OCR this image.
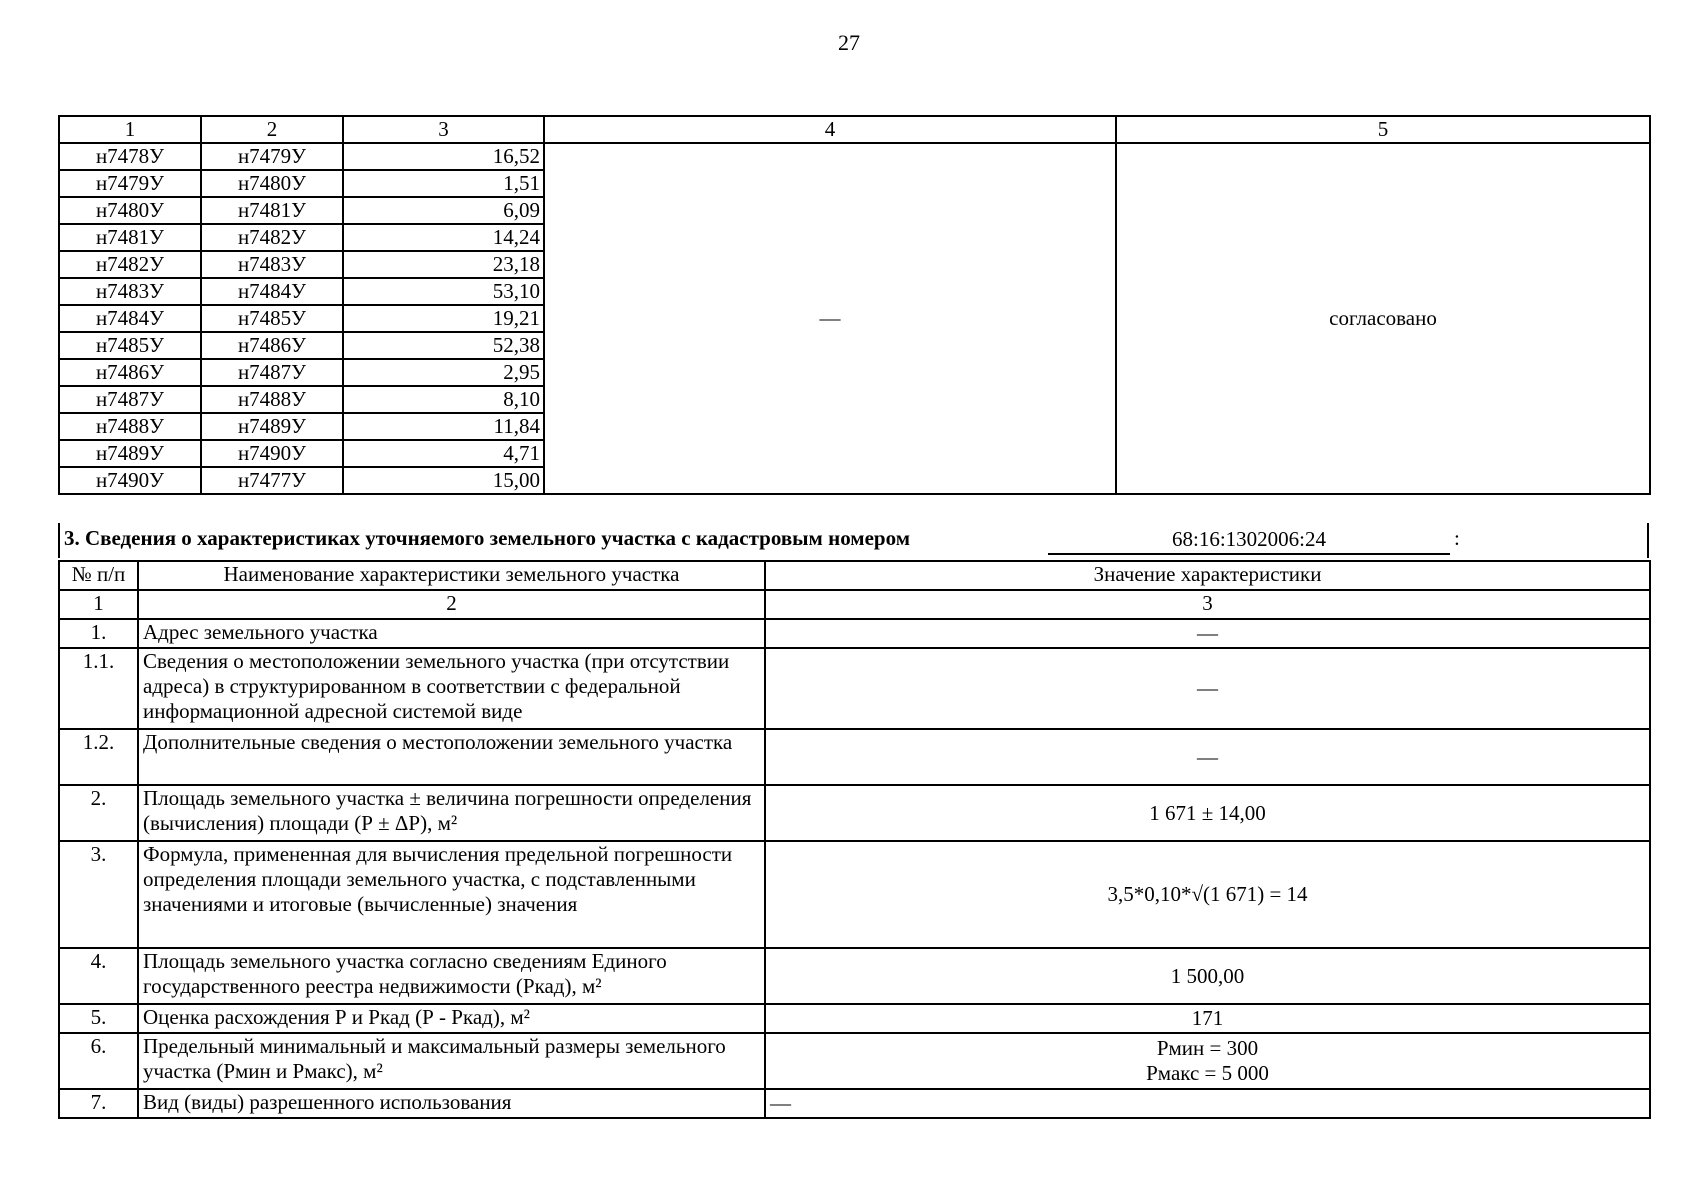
27
1	2	3	4	5
н7478У	н7479У	16,52	—	согласовано
н7479У	н7480У	1,51		
н7480У	н7481У	6,09		
н7481У	н7482У	14,24		
н7482У	н7483У	23,18		
н7483У	н7484У	53,10		
н7484У	н7485У	19,21		
н7485У	н7486У	52,38		
н7486У	н7487У	2,95		
н7487У	н7488У	8,10		
н7488У	н7489У	11,84		
н7489У	н7490У	4,71		
н7490У	н7477У	15,00		
3. Сведения о характеристиках уточняемого земельного участка с кадастровым номером	68:16:1302006:24	:
№ п/п	Наименование характеристики земельного участка	Значение характеристики
1	2	3
1.	Адрес земельного участка	—
1.1.	Сведения о местоположении земельного участка (при отсутствии адреса) в структурированном в соответствии с федеральной информационной адресной системой виде	—
1.2.	Дополнительные сведения о местоположении земельного участка	—
2.	Площадь земельного участка ± величина погрешности определения (вычисления) площади (Р ± ΔР), м²	1 671 ± 14,00
3.	Формула, примененная для вычисления предельной погрешности определения площади земельного участка, с подставленными значениями и итоговые (вычисленные) значения	3,5*0,10*√(1 671) = 14
4.	Площадь земельного участка согласно сведениям Единого государственного реестра недвижимости (Ркад), м²	1 500,00
5.	Оценка расхождения Р и Ркад (Р - Ркад), м²	171
6.	Предельный минимальный и максимальный размеры земельного участка (Рмин и Рмакс), м²	Рмин = 300
Рмакс = 5 000

7.	Вид (виды) разрешенного использования	—
